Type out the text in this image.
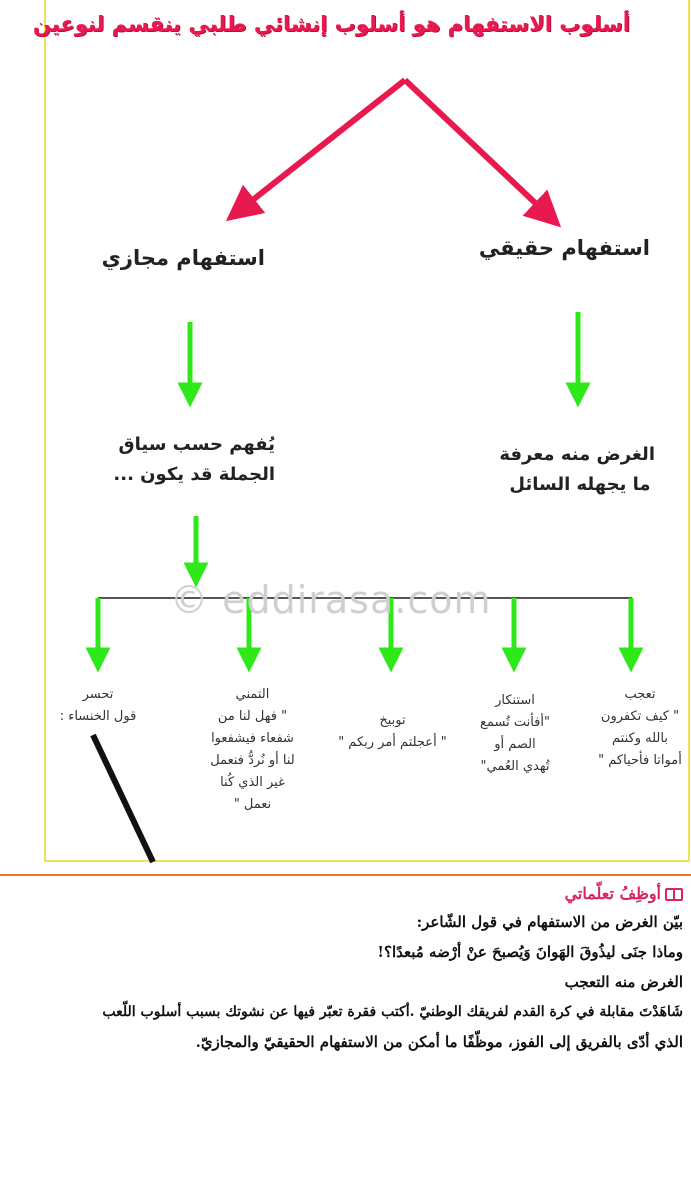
أسلوب الاستفهام هو أسلوب إنشائي طلبي ينقسم لنوعين
استفهام حقيقي
استفهام مجازي
الغرض منه معرفة
ما يجهله السائل
يُفهم حسب سياق
الجملة قد يكون ...
© eddirasa.com
تعجب
" كيف تكفرون
بالله وكنتم
أمواتا فأحياكم "
استنكار
"أفأنت تُسمع
الصم أو
تُهدي العُمي"
توبيخ
" أعجلتم أمر ربكم "
التمني
" فهل لنا من
شفعاء فيشفعوا
لنا أو نُردُّ فنعمل
غير الذي كُنا
نعمل "
تحسر
قول الخنساء :
أوظِفُ تعلّماتي
بيّن الغرض من الاستفهام في قول الشّاعر:
وماذا جنَى ليذُوقَ الهَوانَ وَيُصبحَ عنْ أرْضه مُبعدًا؟!
الغرض منه التعجب
شَاهَدْتَ مقابلة في كرة القدم لفريقك الوطنيّ .أكتب فقرة تعبّر فيها عن نشوتك بسبب أسلوب اللّعب
الذي أدّى بالفريق إلى الفوز، موظّفًا ما أمكن من الاستفهام الحقيقيّ والمجازيّ.
